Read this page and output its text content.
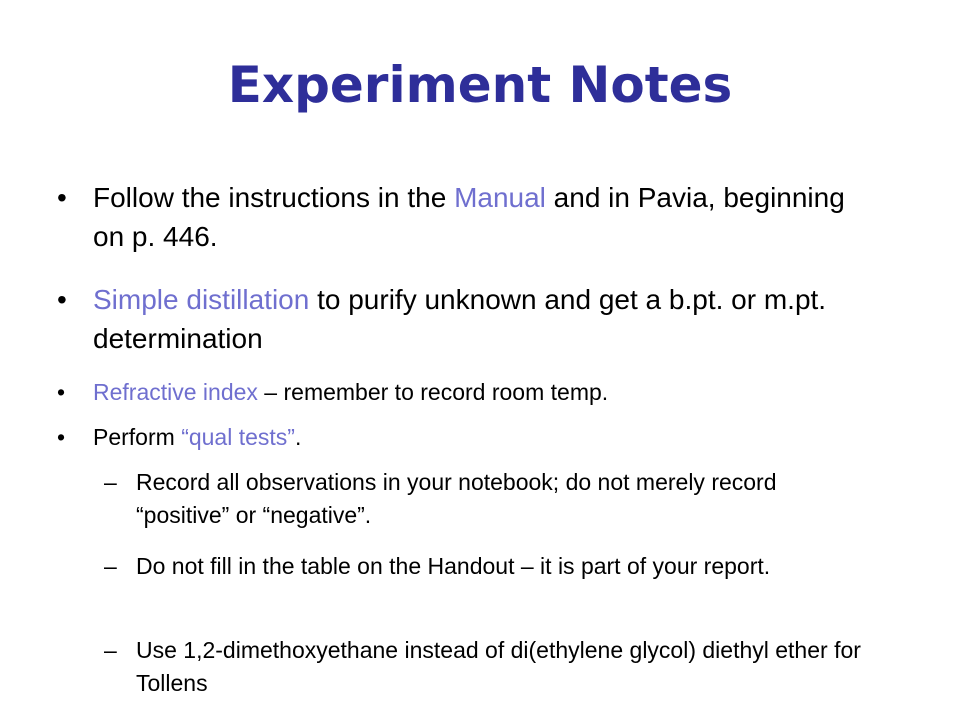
Experiment Notes
• Follow the instructions in the Manual and in Pavia, beginning on p. 446.
• Simple distillation to purify unknown and get a b.pt. or m.pt. determination
• Refractive index – remember to record room temp.
• Perform “qual tests”.
– Record all observations in your notebook; do not merely record “positive” or “negative”.
– Do not fill in the table on the Handout – it is part of your report.
– Use 1,2-dimethoxyethane instead of di(ethylene glycol) diethyl ether for Tollens
